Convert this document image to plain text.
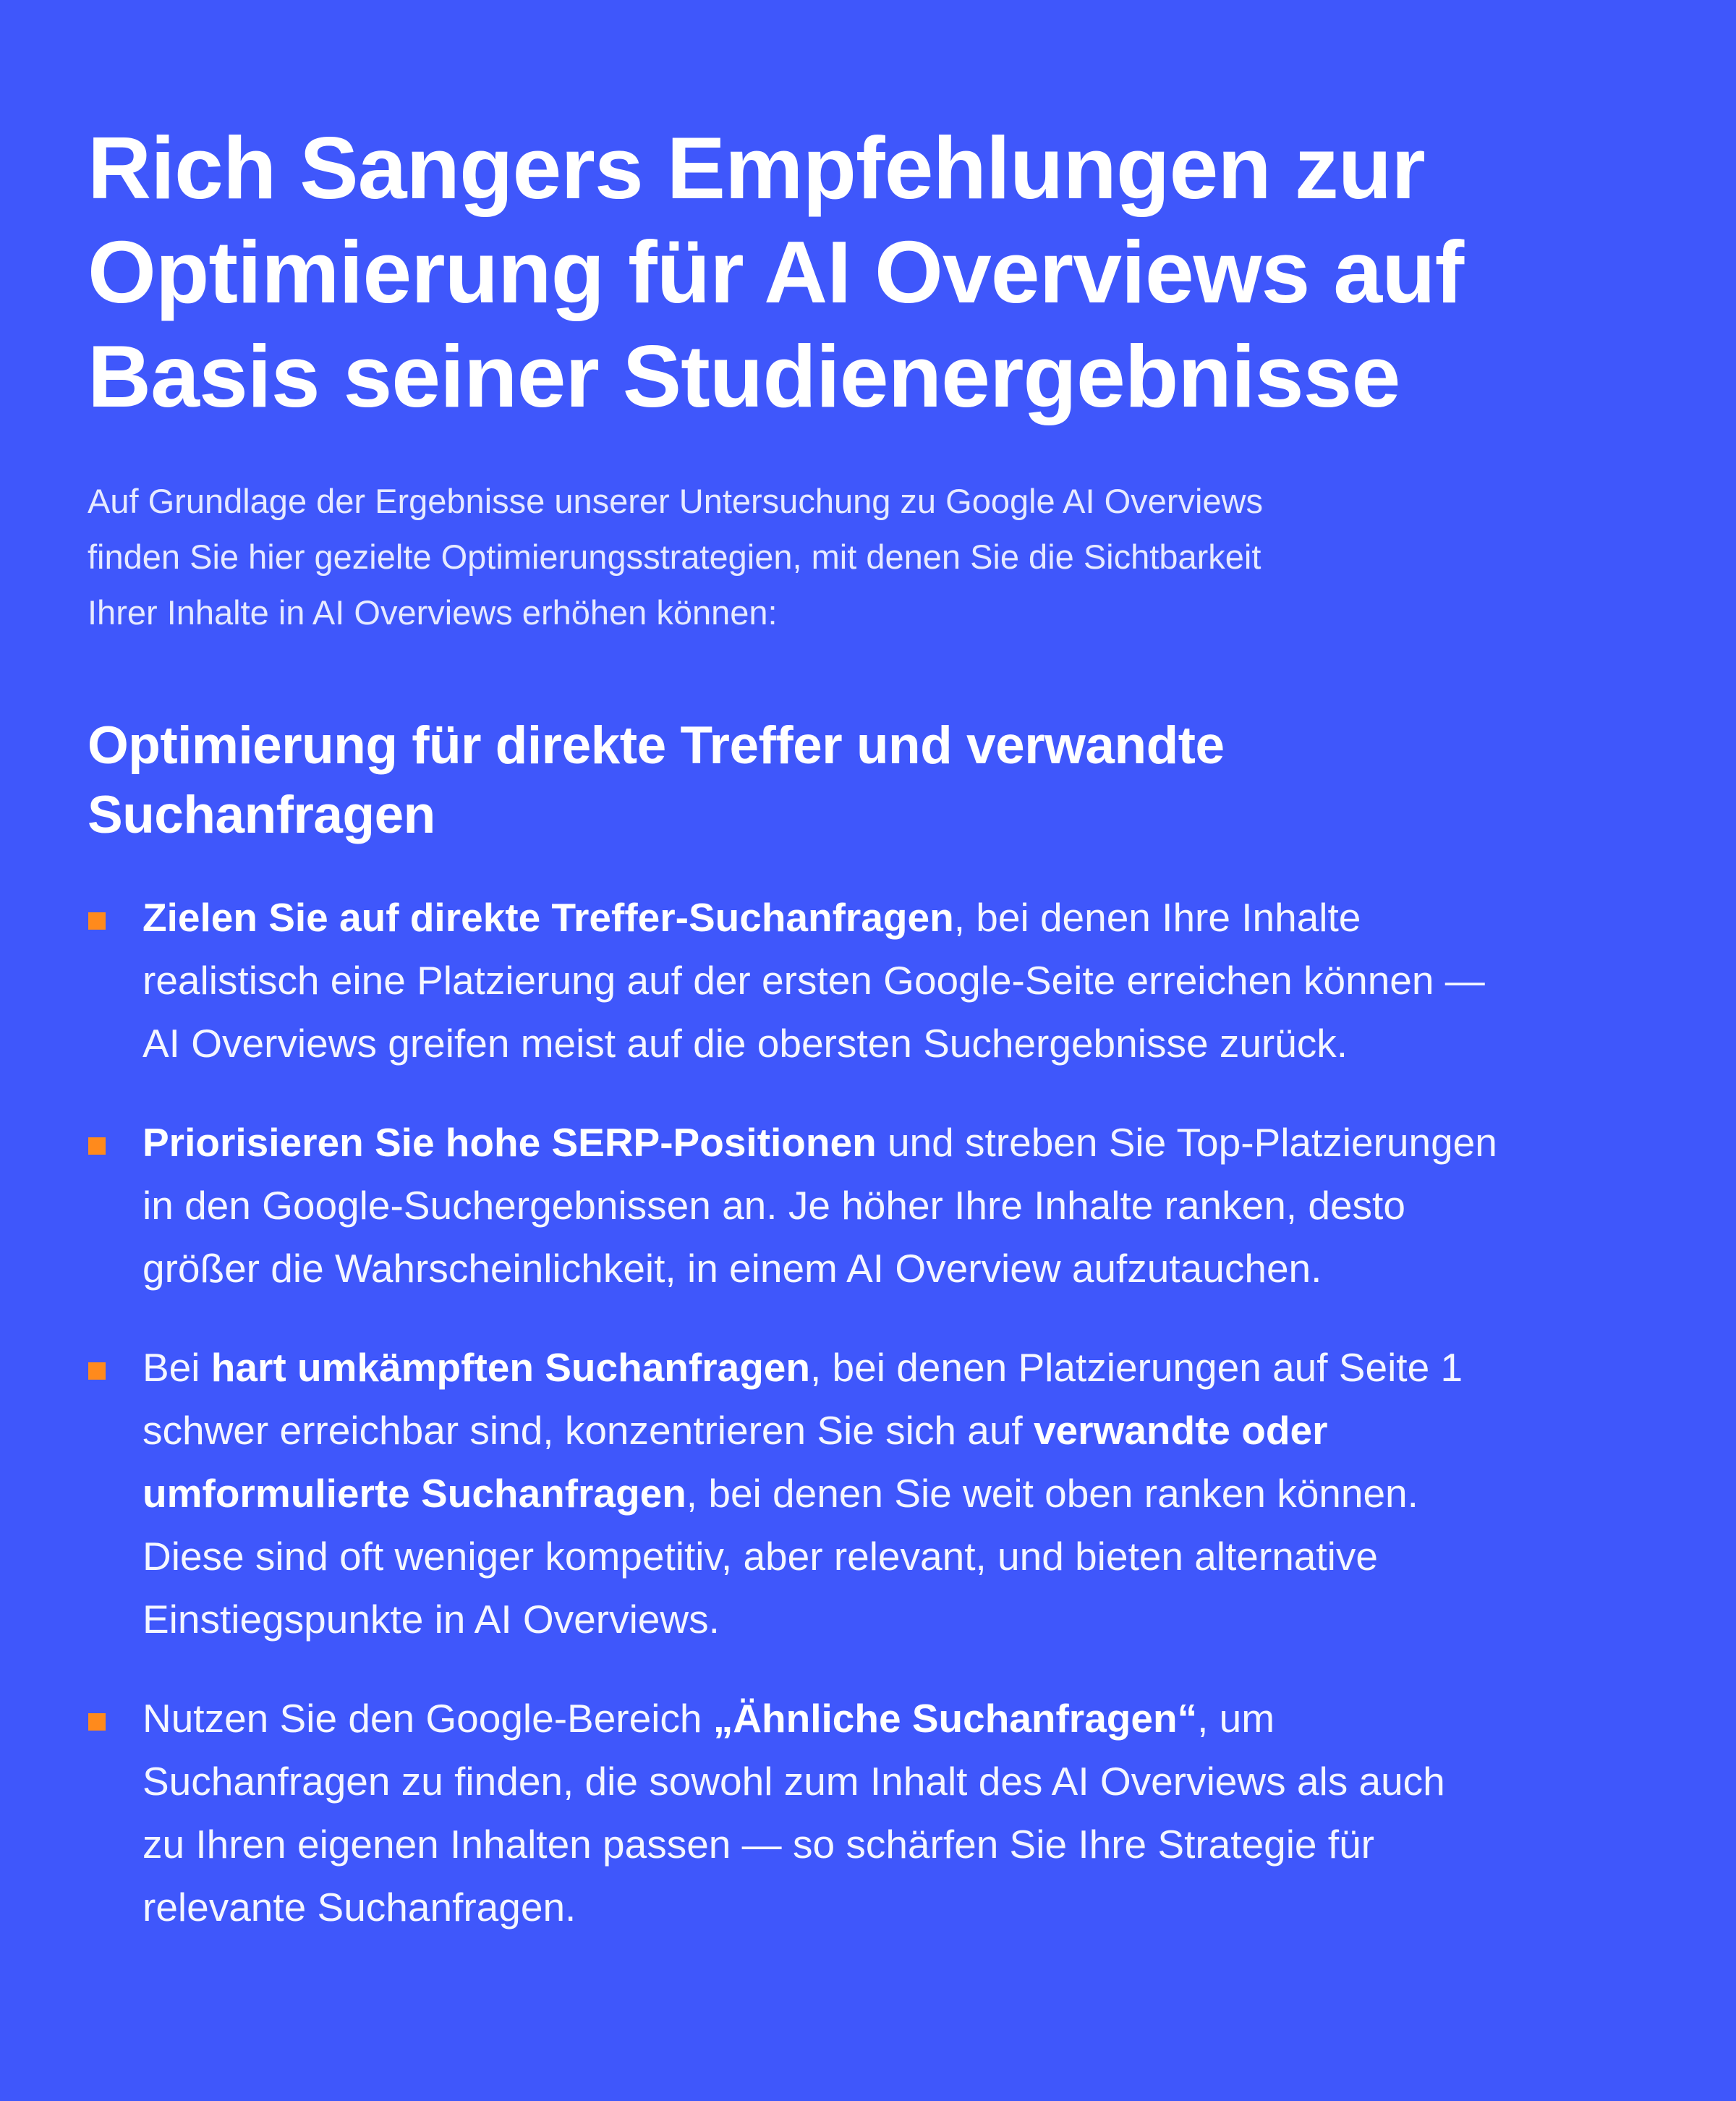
Rich Sangers Empfehlungen zur
Optimierung für AI Overviews auf
Basis seiner Studienergebnisse

Auf Grundlage der Ergebnisse unserer Untersuchung zu Google AI Overviews
finden Sie hier gezielte Optimierungsstrategien, mit denen Sie die Sichtbarkeit
Ihrer Inhalte in AI Overviews erhöhen können:

Optimierung für direkte Treffer und verwandte
Suchanfragen
Zielen Sie auf direkte Treffer-Suchanfragen, bei denen Ihre Inhalte
realistisch eine Platzierung auf der ersten Google-Seite erreichen können —
AI Overviews greifen meist auf die obersten Suchergebnisse zurück.
Priorisieren Sie hohe SERP-Positionen und streben Sie Top-Platzierungen
in den Google-Suchergebnissen an. Je höher Ihre Inhalte ranken, desto
größer die Wahrscheinlichkeit, in einem AI Overview aufzutauchen.
Bei hart umkämpften Suchanfragen, bei denen Platzierungen auf Seite 1
schwer erreichbar sind, konzentrieren Sie sich auf verwandte oder
umformulierte Suchanfragen, bei denen Sie weit oben ranken können.
Diese sind oft weniger kompetitiv, aber relevant, und bieten alternative
Einstiegspunkte in AI Overviews.
Nutzen Sie den Google-Bereich „Ähnliche Suchanfragen“, um
Suchanfragen zu finden, die sowohl zum Inhalt des AI Overviews als auch
zu Ihren eigenen Inhalten passen — so schärfen Sie Ihre Strategie für
relevante Suchanfragen.
